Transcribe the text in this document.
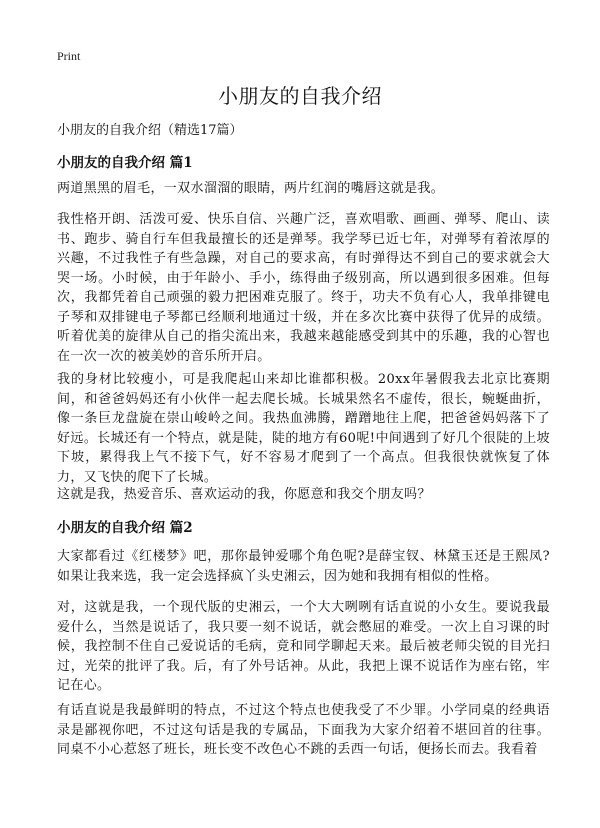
Print
小朋友的自我介绍
小朋友的自我介绍（精选17篇）
小朋友的自我介绍 篇1
两道黑黑的眉毛，一双水溜溜的眼睛，两片红润的嘴唇这就是我。
我性格开朗、活泼可爱、快乐自信、兴趣广泛，喜欢唱歌、画画、弹琴、爬山、读书、跑步、骑自行车但我最擅长的还是弹琴。我学琴已近七年，对弹琴有着浓厚的兴趣，不过我性子有些急躁，对自己的要求高，有时弹得达不到自己的要求就会大哭一场。小时候，由于年龄小、手小，练得曲子级别高，所以遇到很多困难。但每次，我都凭着自己顽强的毅力把困难克服了。终于，功夫不负有心人，我单排键电子琴和双排键电子琴都已经顺利地通过十级，并在多次比赛中获得了优异的成绩。听着优美的旋律从自己的指尖流出来，我越来越能感受到其中的乐趣，我的心智也在一次一次的被美妙的音乐所开启。
我的身材比较瘦小，可是我爬起山来却比谁都积极。20xx年暑假我去北京比赛期间，和爸爸妈妈还有小伙伴一起去爬长城。长城果然名不虚传，很长，蜿蜒曲折，像一条巨龙盘旋在崇山峻岭之间。我热血沸腾，蹭蹭地往上爬，把爸爸妈妈落下了好远。长城还有一个特点，就是陡，陡的地方有60呢!中间遇到了好几个很陡的上坡下坡，累得我上气不接下气，好不容易才爬到了一个高点。但我很快就恢复了体力，又飞快的爬下了长城。
这就是我，热爱音乐、喜欢运动的我，你愿意和我交个朋友吗？
小朋友的自我介绍 篇2
大家都看过《红楼梦》吧，那你最钟爱哪个角色呢?是薛宝钗、林黛玉还是王熙凤?如果让我来选，我一定会选择疯丫头史湘云，因为她和我拥有相似的性格。
对，这就是我，一个现代版的史湘云，一个大大咧咧有话直说的小女生。要说我最爱什么，当然是说话了，我只要一刻不说话，就会憋屈的难受。一次上自习课的时候，我控制不住自己爱说话的毛病，竟和同学聊起天来。最后被老师尖锐的目光扫过，光荣的批评了我。后，有了外号话神。从此，我把上课不说话作为座右铭，牢记在心。
有话直说是我最鲜明的特点，不过这个特点也使我受了不少罪。小学同桌的经典语录是鄙视你吧，不过这句话是我的专属品，下面我为大家介绍着不堪回首的往事。同桌不小心惹怒了班长，班长变不改色心不跳的丢西一句话，便扬长而去。我看着
